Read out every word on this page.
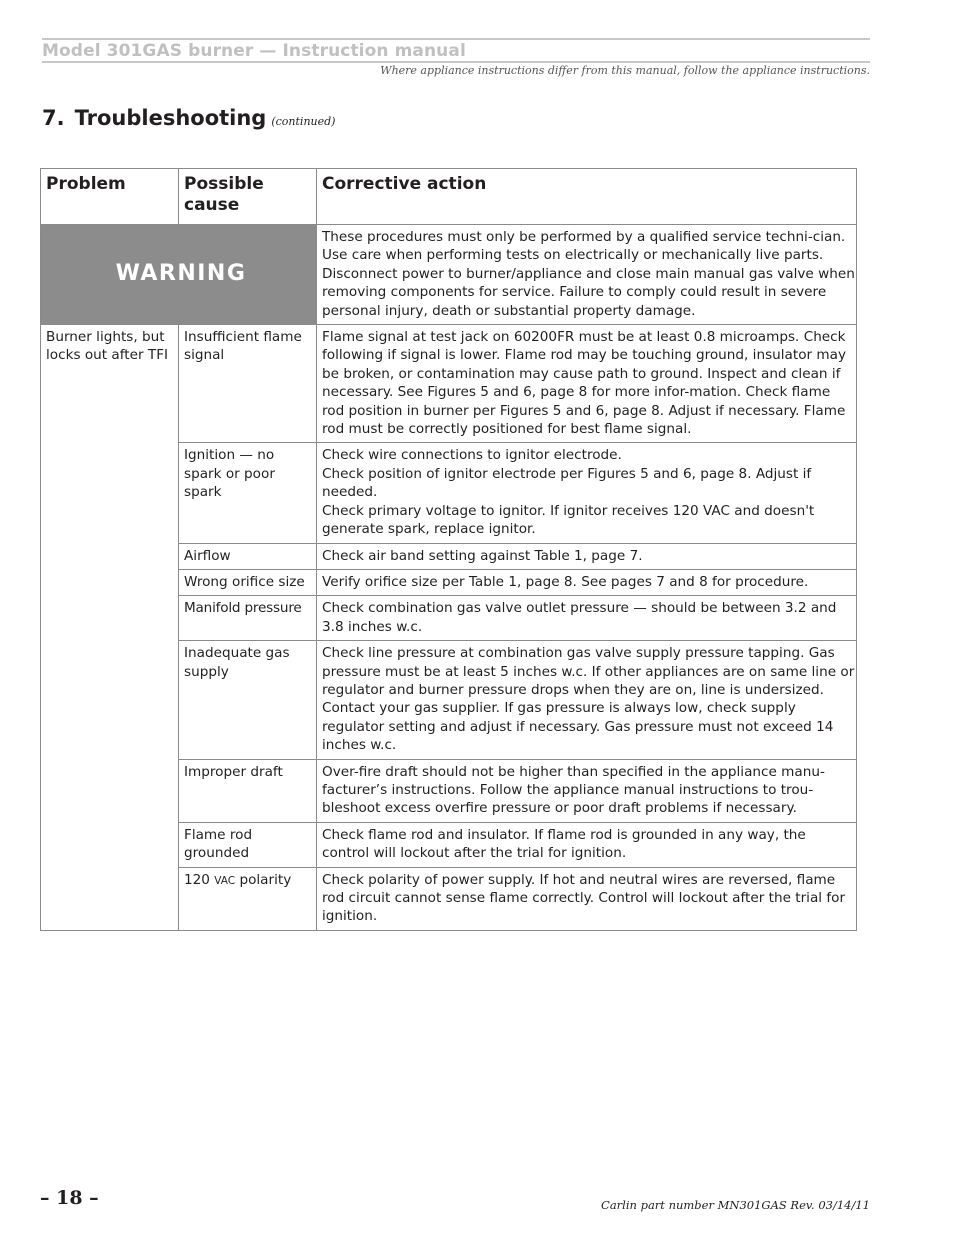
Model 301GAS burner — Instruction manual
Where appliance instructions differ from this manual, follow the appliance instructions.
7. Troubleshooting (continued)
Problem	Possible cause	Corrective action
WARNING		These procedures must only be performed by a qualified service techni-cian. Use care when performing tests on electrically or mechanically live parts. Disconnect power to burner/appliance and close main manual gas valve when removing components for service. Failure to comply could result in severe personal injury, death or substantial property damage.
Burner lights, but locks out after TFI	Insufficient flame signal	Flame signal at test jack on 60200FR must be at least 0.8 microamps. Check following if signal is lower. Flame rod may be touching ground, insulator may be broken, or contamination may cause path to ground. Inspect and clean if necessary. See Figures 5 and 6, page 8 for more infor-mation. Check flame rod position in burner per Figures 5 and 6, page 8. Adjust if necessary. Flame rod must be correctly positioned for best flame signal.
	Ignition — no spark or poor spark	Check wire connections to ignitor electrode.
Check position of ignitor electrode per Figures 5 and 6, page 8. Adjust if needed.
Check primary voltage to ignitor. If ignitor receives 120 VAC and doesn't generate spark, replace ignitor.

	Airflow	Check air band setting against Table 1, page 7.
	Wrong orifice size	Verify orifice size per Table 1, page 8. See pages 7 and 8 for procedure.
	Manifold pressure	Check combination gas valve outlet pressure — should be between 3.2 and 3.8 inches w.c.
	Inadequate gas supply	Check line pressure at combination gas valve supply pressure tapping. Gas pressure must be at least 5 inches w.c. If other appliances are on same line or regulator and burner pressure drops when they are on, line is undersized. Contact your gas supplier. If gas pressure is always low, check supply regulator setting and adjust if necessary. Gas pressure must not exceed 14 inches w.c.
	Improper draft	Over-fire draft should not be higher than specified in the appliance manu-facturer’s instructions. Follow the appliance manual instructions to trou-bleshoot excess overfire pressure or poor draft problems if necessary.
	Flame rod grounded	Check flame rod and insulator. If flame rod is grounded in any way, the control will lockout after the trial for ignition.
	120 VAC polarity	Check polarity of power supply. If hot and neutral wires are reversed, flame rod circuit cannot sense flame correctly. Control will lockout after the trial for ignition.
– 18 –	Carlin part number MN301GAS Rev. 03/14/11
